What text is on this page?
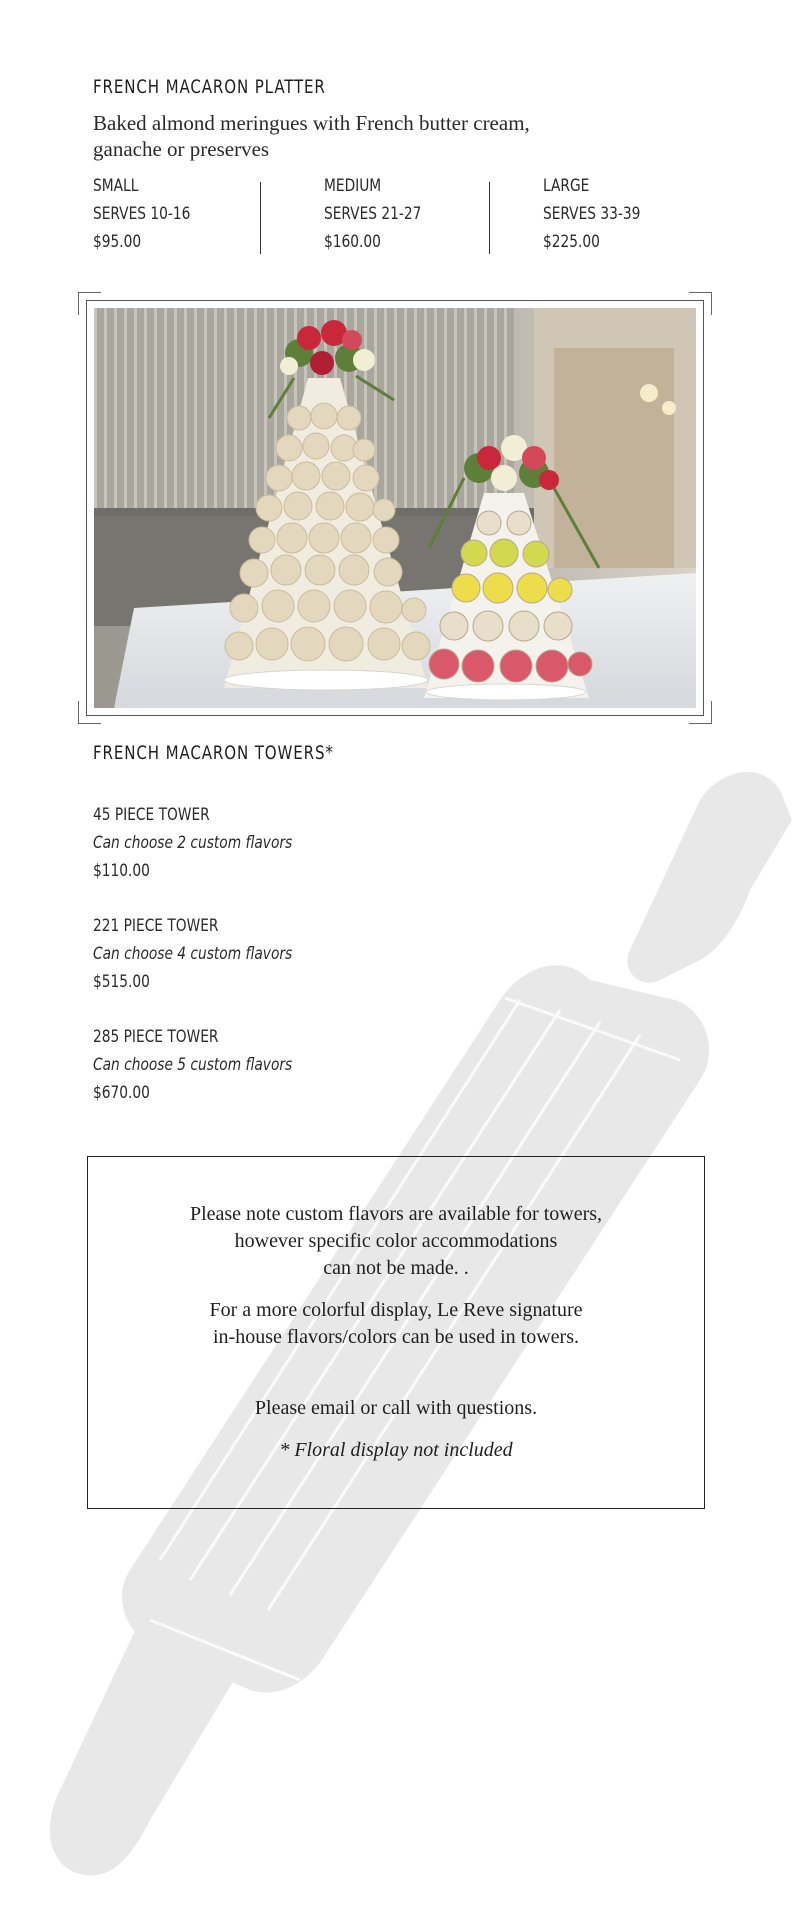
FRENCH MACARON PLATTER
Baked almond meringues with French butter cream,
ganache or preserves
SMALL
SERVES 10-16
$95.00
MEDIUM
SERVES 21-27
$160.00
LARGE
SERVES 33-39
$225.00
FRENCH MACARON TOWERS*
45 PIECE TOWER
Can choose 2 custom flavors
$110.00
221 PIECE TOWER
Can choose 4 custom flavors
$515.00
285 PIECE TOWER
Can choose 5 custom flavors
$670.00
Please note custom flavors are available for towers,
however specific color accommodations
can not be made. .
For a more colorful display, Le Reve signature
in-house flavors/colors can be used in towers.
Please email or call with questions.
* Floral display not included
